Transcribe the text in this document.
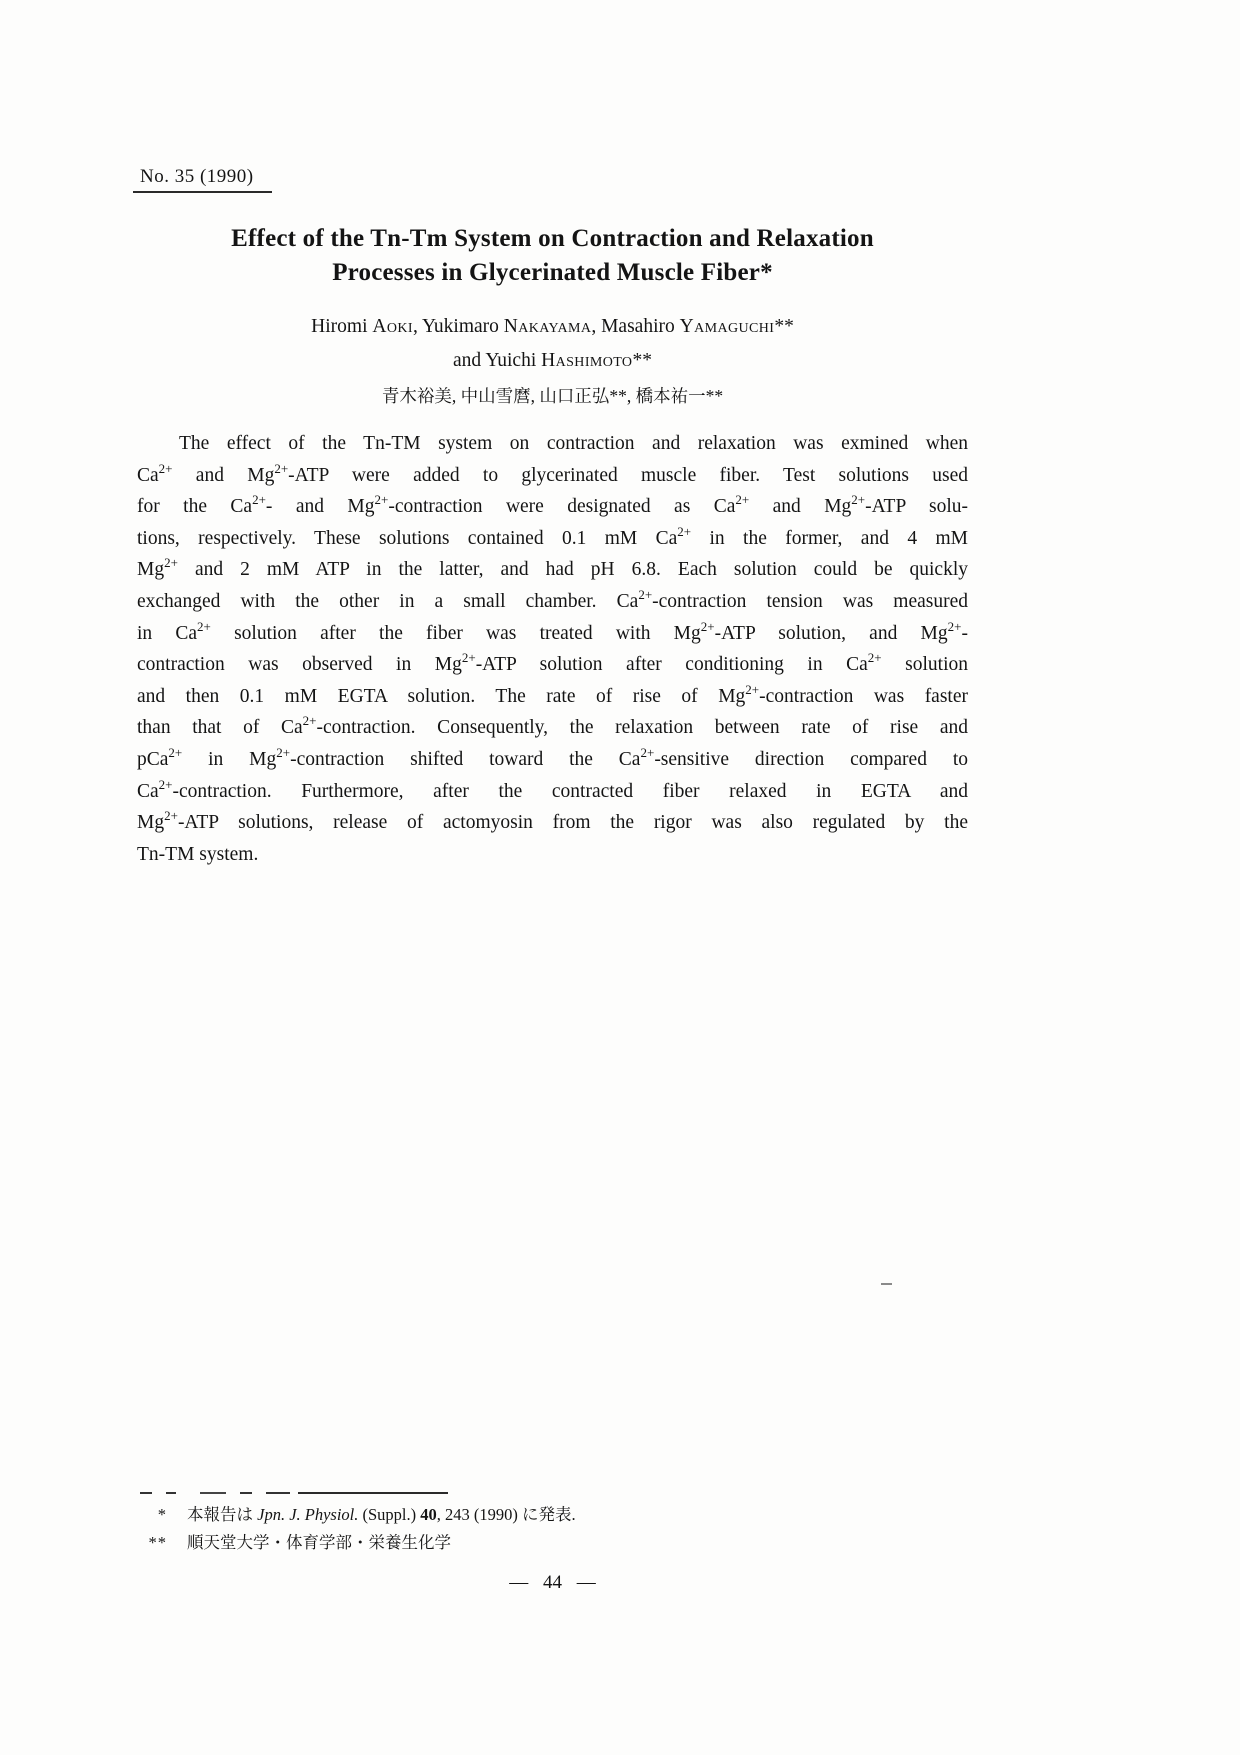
No. 35 (1990)
Effect of the Tn-Tm System on Contraction and Relaxation
Processes in Glycerinated Muscle Fiber*
Hiromi Aoki, Yukimaro Nakayama, Masahiro Yamaguchi**
and Yuichi Hashimoto**
青木裕美, 中山雪麿, 山口正弘**, 橋本祐一**
The effect of the Tn-TM system on contraction and relaxation was exmined when
$Ca^{2+}$ and $Mg^{2+}$-ATP were added to glycerinated muscle fiber. Test solutions used
for the $Ca^{2+}-$ and $Mg^{2+}$-contraction were designated as $Ca^{2+}$ and $Mg^{2+}$-ATP solu-
tions, respectively. These solutions contained 0.1 mM $Ca^{2+}$ in the former, and 4 mM
$Mg^{2+}$ and 2 mM ATP in the latter, and had pH 6.8. Each solution could be quickly
exchanged with the other in a small chamber. $Ca^{2+}$-contraction tension was measured
in $Ca^{2+}$ solution after the fiber was treated with $Mg^{2+}$-ATP solution, and $Mg^{2+}-$
contraction was observed in $Mg^{2+}$-ATP solution after conditioning in $Ca^{2+}$ solution
and then 0.1 mM EGTA solution. The rate of rise of $Mg^{2+}$-contraction was faster
than that of $Ca^{2+}$-contraction. Consequently, the relaxation between rate of rise and
pCa$^{2+}$ in $Mg^{2+}$-contraction shifted toward the $Ca^{2+}$-sensitive direction compared to
$Ca^{2+}$-contraction. Furthermore, after the contracted fiber relaxed in EGTA and
$Mg^{2+}$-ATP solutions, release of actomyosin from the rigor was also regulated by the
Tn-TM system.
* 本報告は Jpn. J. Physiol. (Suppl.) 40, 243 (1990) に発表.
** 順天堂大学・体育学部・栄養生化学
— 44 —
